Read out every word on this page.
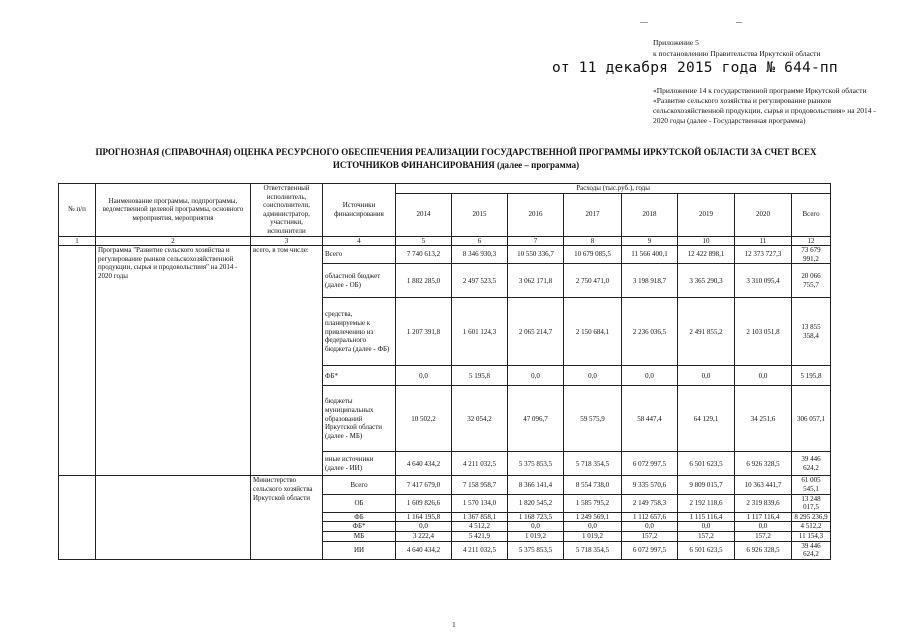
Приложение 5
к постановлению Правительства Иркутской области
от 11 декабря 2015 года № 644-пп
«Приложение 14 к государственной программе Иркутской области «Развитие сельского хозяйства и регулирование рынков сельскохозяйственной продукции, сырья и продовольствия» на 2014 - 2020 годы (далее - Государственная программа)
ПРОГНОЗНАЯ (СПРАВОЧНАЯ) ОЦЕНКА РЕСУРСНОГО ОБЕСПЕЧЕНИЯ РЕАЛИЗАЦИИ ГОСУДАРСТВЕННОЙ ПРОГРАММЫ ИРКУТСКОЙ ОБЛАСТИ ЗА СЧЕТ ВСЕХ ИСТОЧНИКОВ ФИНАНСИРОВАНИЯ (далее – программа)
№ п/п	Наименование программы, подпрограммы, ведомственной целевой программы, основного мероприятия, мероприятия	Ответственный исполнитель, соисполнители, администратор, участники, исполнители	Источники финансирования	Расходы (тыс.руб.), годы							
				2014	2015	2016	2017	2018	2019	2020	Всего
1	2	3	4	5	6	7	8	9	10	11	12
	Программа "Развитие сельского хозяйства и регулирование рынков сельскохозяйственной продукции, сырья и продовольствия" на 2014 - 2020 годы	всего, в том числе:	Всего	7 740 613,2	8 346 930,3	10 550 336,7	10 679 085,5	11 566 400,1	12 422 898,1	12 373 727,3	73 679 991,2
			областной бюджет (далее - ОБ)	1 882 285,0	2 497 523,5	3 062 171,8	2 750 471,0	3 198 918,7	3 365 290,3	3 310 095,4	20 066 755,7
			средства, планируемые к привлечению из федерального бюджета (далее - ФБ)	1 207 391,8	1 601 124,3	2 065 214,7	2 150 684,1	2 236 036,5	2 491 855,2	2 103 051,8	13 855 358,4
			ФБ*	0,0	5 195,8	0,0	0,0	0,0	0,0	0,0	5 195,8
			бюджеты муниципальных образований Иркутской области (далее - МБ)	10 502,2	32 054,2	47 096,7	59 575,9	58 447,4	64 129,1	34 251,6	306 057,1
			иные источники (далее - ИИ)	4 640 434,2	4 211 032,5	5 375 853,5	5 718 354,5	6 072 997,5	6 501 623,5	6 926 328,5	39 446 624,2
		Министерство сельского хозяйства Иркутской области	Всего	7 417 679,0	7 158 958,7	8 366 141,4	8 554 738,0	9 335 570,6	9 809 015,7	10 363 441,7	61 005 545,1
			ОБ	1 609 826,6	1 570 134,0	1 820 545,2	1 585 795,2	2 149 758,3	2 192 118,6	2 319 839,6	13 248 017,5
			ФБ	1 164 195,8	1 367 858,1	1 168 723,5	1 249 569,1	1 112 657,6	1 115 116,4	1 117 116,4	8 295 236,9
			ФБ*	0,0	4 512,2	0,0	0,0	0,0	0,0	0,0	4 512,2
			МБ	3 222,4	5 421,9	1 019,2	1 019,2	157,2	157,2	157,2	11 154,3
			ИИ	4 640 434,2	4 211 032,5	5 375 853,5	5 718 354,5	6 072 997,5	6 501 623,5	6 926 328,5	39 446 624,2
1
